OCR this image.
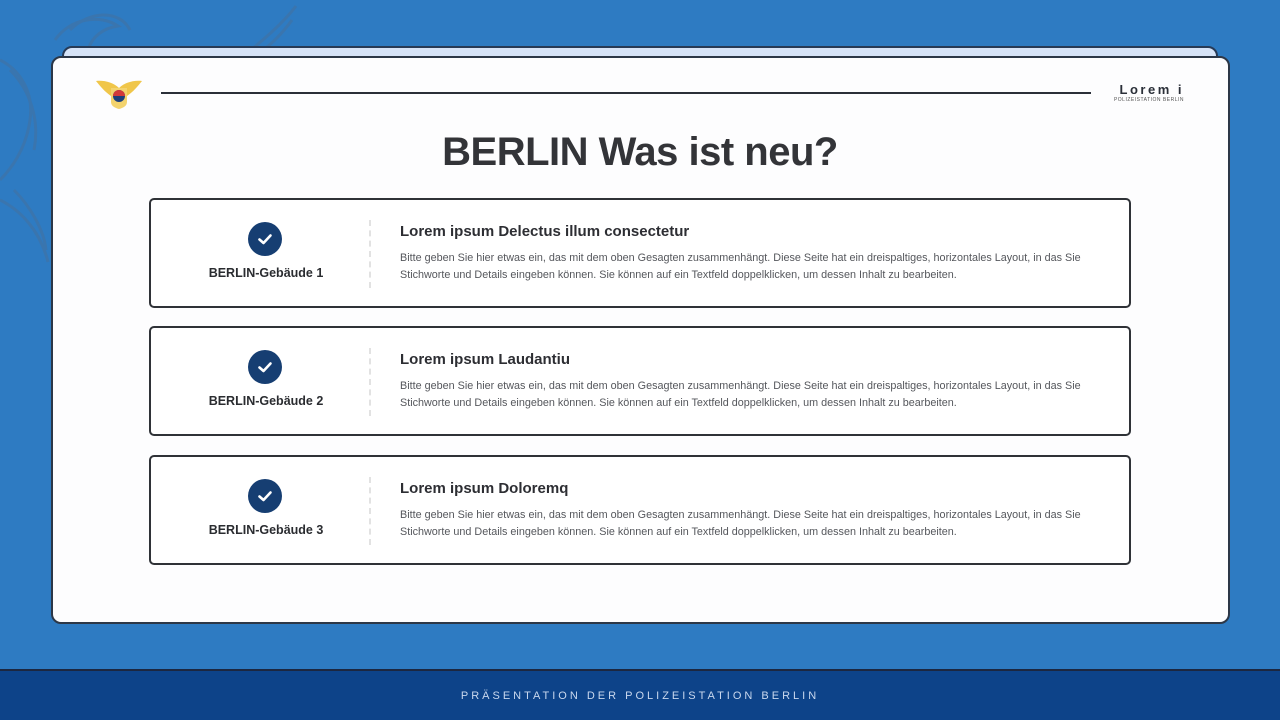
Lorem i
POLIZEISTATION BERLIN
BERLIN Was ist neu?
BERLIN-Gebäude 1
Lorem ipsum Delectus illum consectetur
Bitte geben Sie hier etwas ein, das mit dem oben Gesagten zusammenhängt. Diese Seite hat ein dreispaltiges, horizontales Layout, in das Sie Stichworte und Details eingeben können. Sie können auf ein Textfeld doppelklicken, um dessen Inhalt zu bearbeiten.
BERLIN-Gebäude 2
Lorem ipsum Laudantiu
Bitte geben Sie hier etwas ein, das mit dem oben Gesagten zusammenhängt. Diese Seite hat ein dreispaltiges, horizontales Layout, in das Sie Stichworte und Details eingeben können. Sie können auf ein Textfeld doppelklicken, um dessen Inhalt zu bearbeiten.
BERLIN-Gebäude 3
Lorem ipsum Doloremq
Bitte geben Sie hier etwas ein, das mit dem oben Gesagten zusammenhängt. Diese Seite hat ein dreispaltiges, horizontales Layout, in das Sie Stichworte und Details eingeben können. Sie können auf ein Textfeld doppelklicken, um dessen Inhalt zu bearbeiten.
PRÄSENTATION DER POLIZEISTATION BERLIN
